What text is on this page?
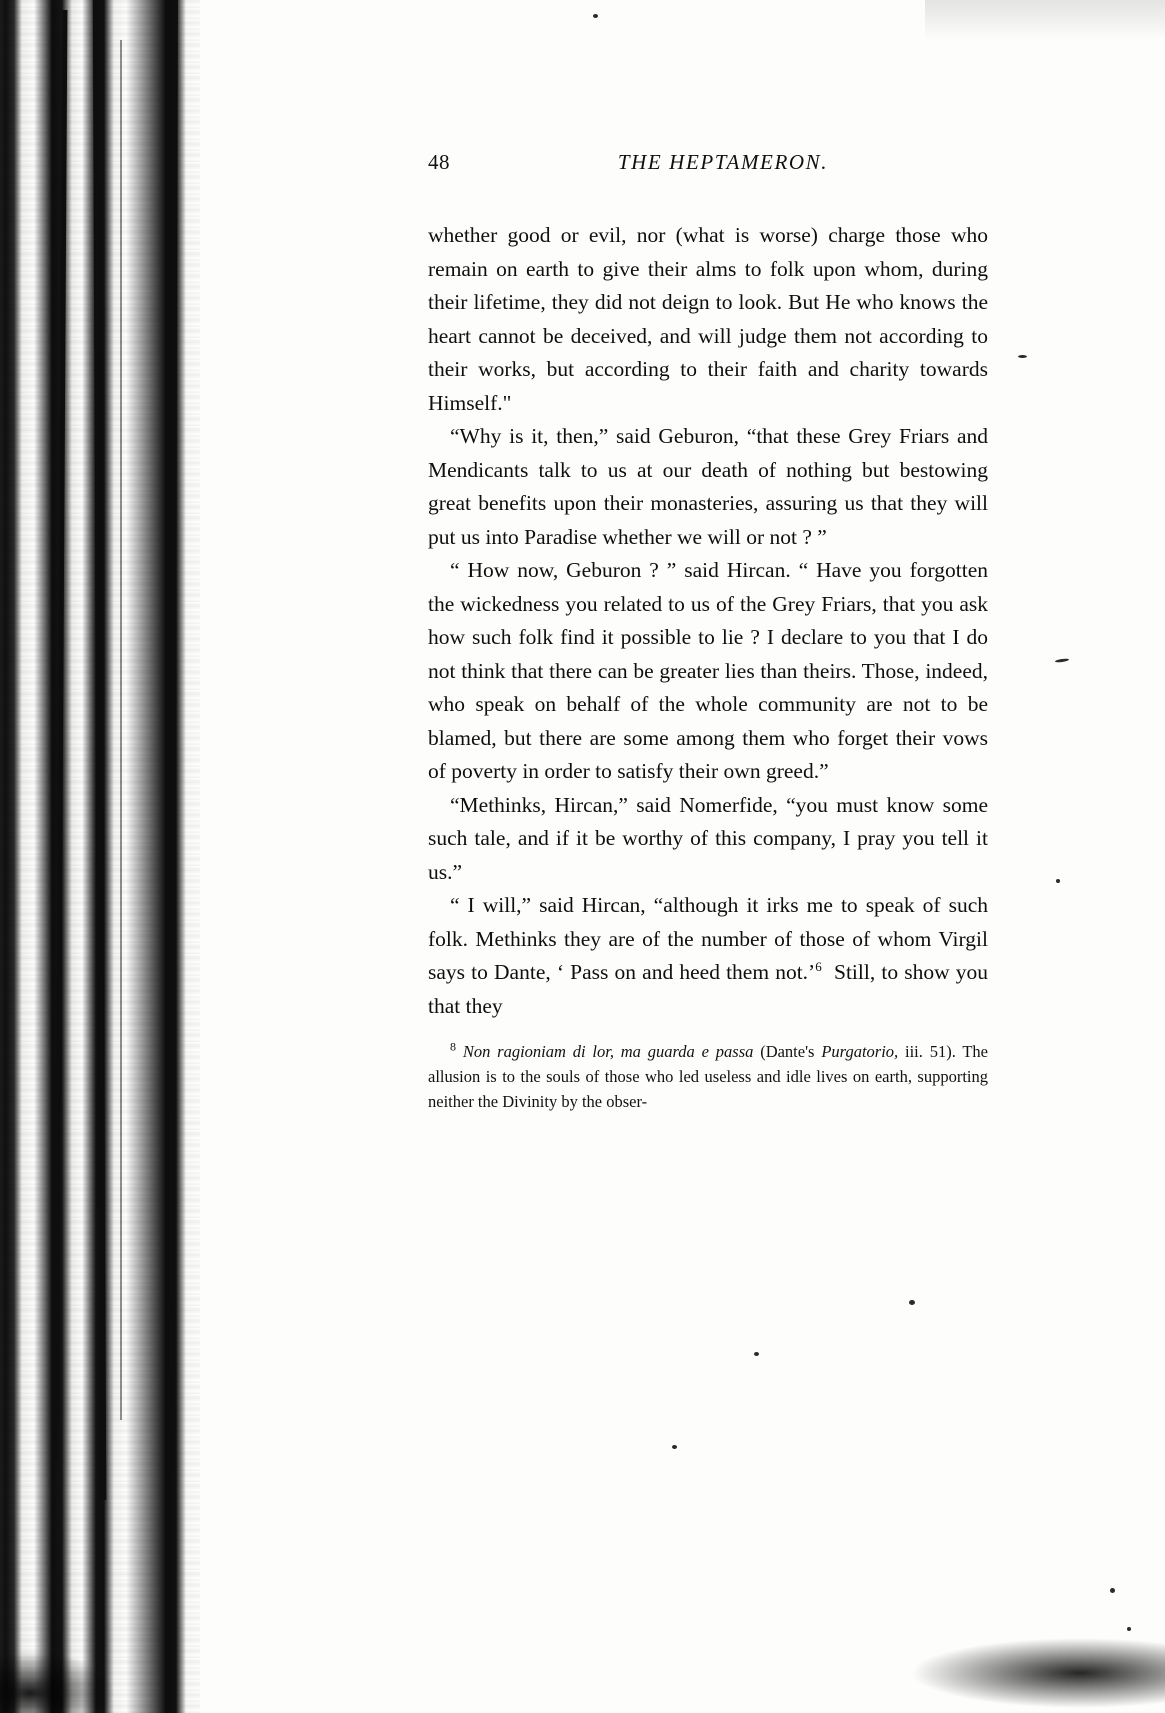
48	THE HEPTAMERON.

whether good or evil, nor (what is worse) charge those who remain on earth to give their alms to folk upon whom, during their lifetime, they did not deign to look. But He who knows the heart cannot be deceived, and will judge them not according to their works, but according to their faith and charity towards Himself."

“Why is it, then,” said Geburon, “that these Grey Friars and Mendicants talk to us at our death of nothing but bestowing great benefits upon their monasteries, assuring us that they will put us into Paradise whether we will or not ? ”

“ How now, Geburon ? ” said Hircan. “ Have you forgotten the wickedness you related to us of the Grey Friars, that you ask how such folk find it possible to lie ? I declare to you that I do not think that there can be greater lies than theirs. Those, indeed, who speak on behalf of the whole community are not to be blamed, but there are some among them who forget their vows of poverty in order to satisfy their own greed.”

“Methinks, Hircan,” said Nomerfide, “you must know some such tale, and if it be worthy of this company, I pray you tell it us.”

“ I will,” said Hircan, “although it irks me to speak of such folk. Methinks they are of the number of those of whom Virgil says to Dante, ‘ Pass on and heed them not.’$^6$ Still, to show you that they

$^8$ Non ragioniam di lor, ma guarda e passa (Dante's Purgatorio, iii. 51). The allusion is to the souls of those who led useless and idle lives on earth, supporting neither the Divinity by the obser-
